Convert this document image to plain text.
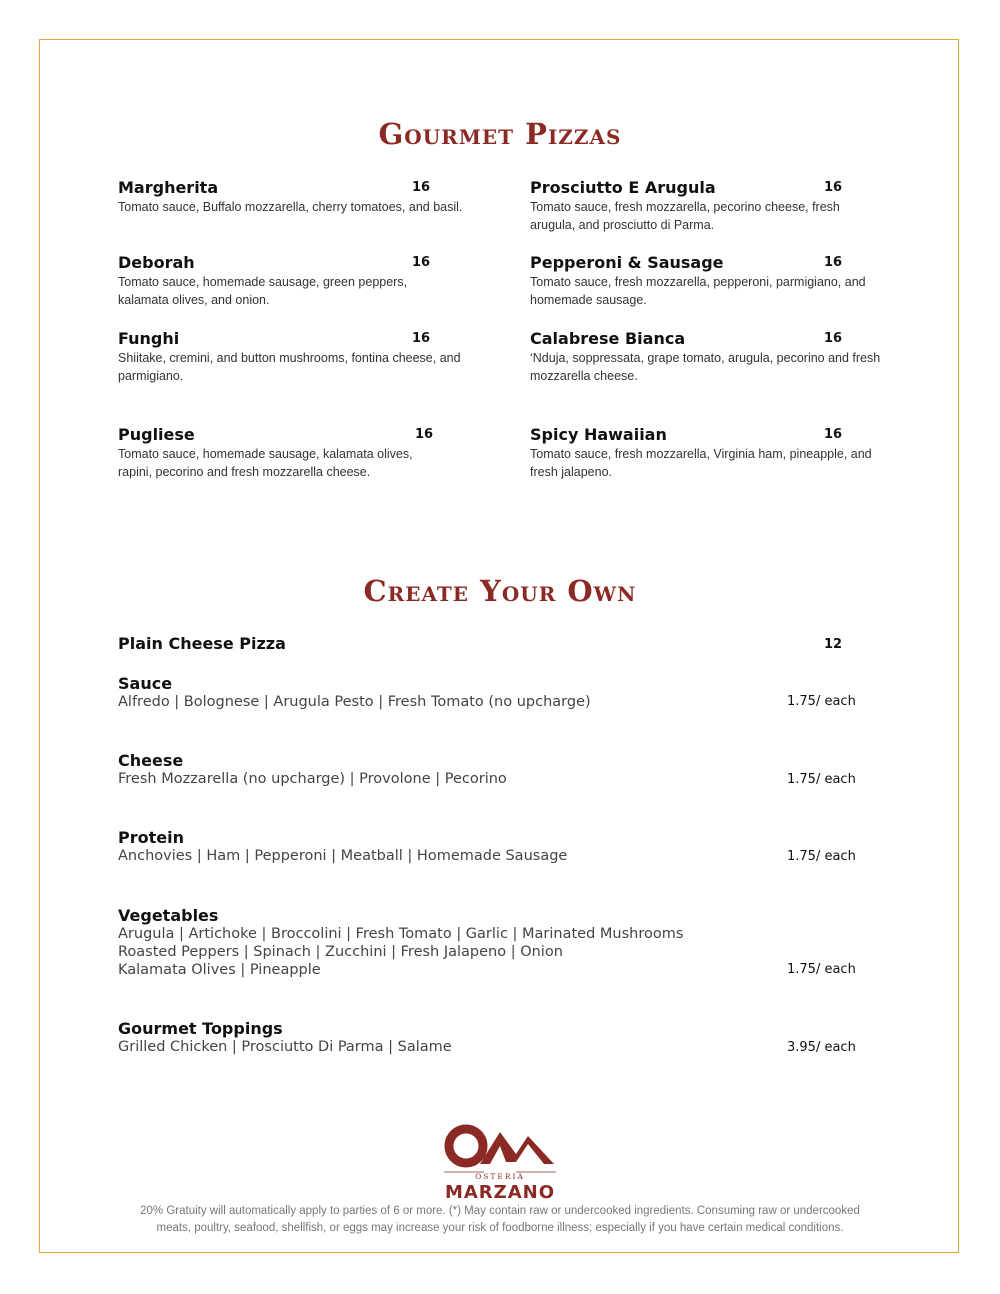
Gourmet Pizzas
Margherita	16
Tomato sauce, Buffalo mozzarella, cherry tomatoes, and basil.
Prosciutto E Arugula	16
Tomato sauce, fresh mozzarella, pecorino cheese, fresh arugula, and prosciutto di Parma.
Deborah	16
Tomato sauce, homemade sausage, green peppers, kalamata olives, and onion.
Pepperoni & Sausage	16
Tomato sauce, fresh mozzarella, pepperoni, parmigiano, and homemade sausage.
Funghi	16
Shiitake, cremini, and button mushrooms, fontina cheese, and parmigiano.
Calabrese Bianca	16
‘Nduja, soppressata, grape tomato, arugula, pecorino and fresh mozzarella cheese.
Pugliese	16
Tomato sauce, homemade sausage, kalamata olives, rapini, pecorino and fresh mozzarella cheese.
Spicy Hawaiian	16
Tomato sauce, fresh mozzarella, Virginia ham, pineapple, and fresh jalapeno.
Create Your Own
Plain Cheese Pizza	12
Sauce
Alfredo | Bolognese | Arugula Pesto | Fresh Tomato (no upcharge)	1.75/ each
Cheese
Fresh Mozzarella (no upcharge) | Provolone | Pecorino	1.75/ each
Protein
Anchovies | Ham | Pepperoni | Meatball | Homemade Sausage	1.75/ each
Vegetables
Arugula | Artichoke | Broccolini | Fresh Tomato | Garlic | Marinated Mushrooms
Roasted Peppers | Spinach | Zucchini | Fresh Jalapeno | Onion
Kalamata Olives | Pineapple	1.75/ each
Gourmet Toppings
Grilled Chicken | Prosciutto Di Parma | Salame	3.95/ each
OSTERIA
MARZANO
20% Gratuity will automatically apply to parties of 6 or more. (*) May contain raw or undercooked ingredients. Consuming raw or undercooked
meats, poultry, seafood, shellfish, or eggs may increase your risk of foodborne illness; especially if you have certain medical conditions.
